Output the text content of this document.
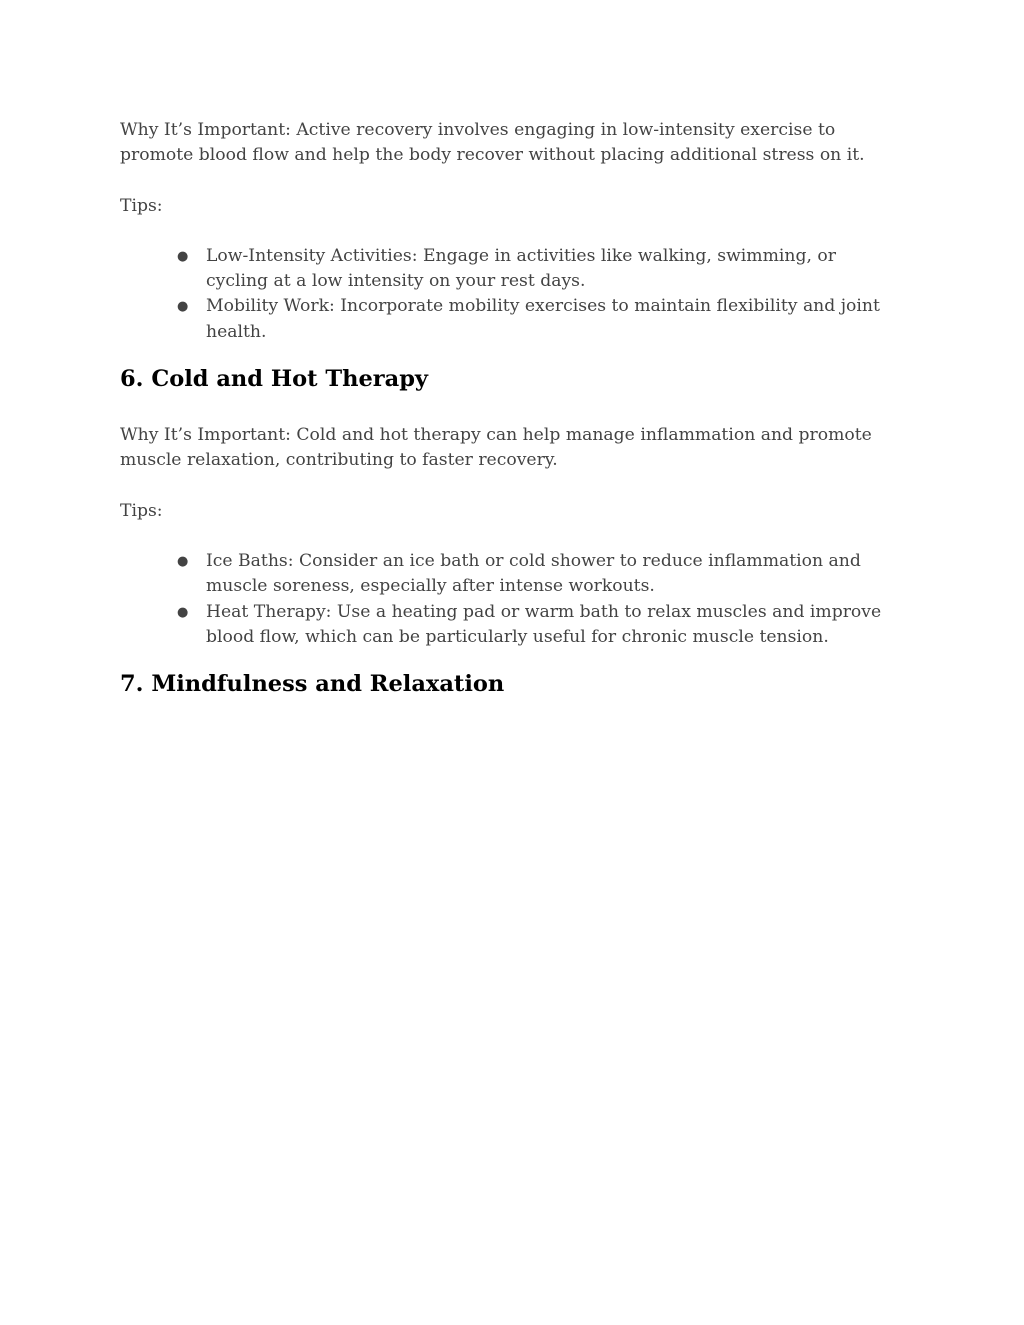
Why It’s Important: Active recovery involves engaging in low-intensity exercise to promote blood flow and help the body recover without placing additional stress on it.

Tips:

● Low-Intensity Activities: Engage in activities like walking, swimming, or cycling at a low intensity on your rest days.
● Mobility Work: Incorporate mobility exercises to maintain flexibility and joint health.
6. Cold and Hot Therapy

Why It’s Important: Cold and hot therapy can help manage inflammation and promote muscle relaxation, contributing to faster recovery.

Tips:

● Ice Baths: Consider an ice bath or cold shower to reduce inflammation and muscle soreness, especially after intense workouts.
● Heat Therapy: Use a heating pad or warm bath to relax muscles and improve blood flow, which can be particularly useful for chronic muscle tension.
7. Mindfulness and Relaxation
